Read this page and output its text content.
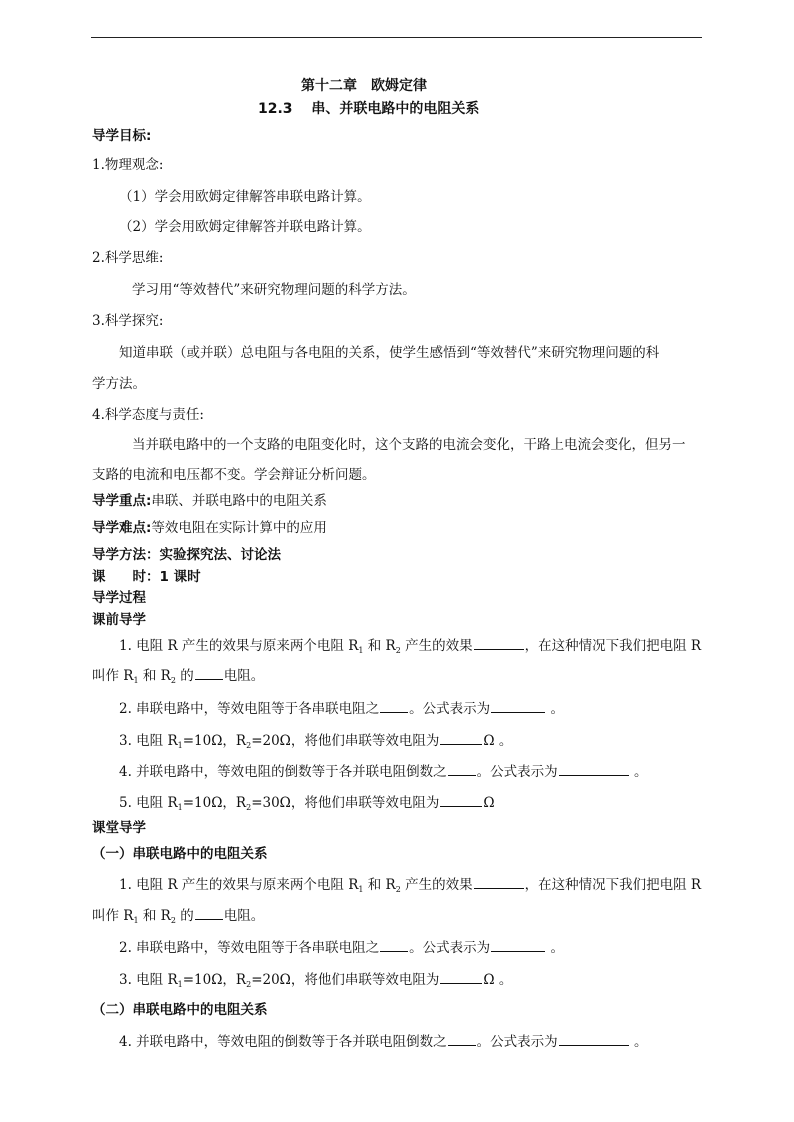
第十二章　欧姆定律
12.3　 串、并联电路中的电阻关系
导学目标:
1.物理观念:
（1）学会用欧姆定律解答串联电路计算。
（2）学会用欧姆定律解答并联电路计算。
2.科学思维:
学习用“等效替代”来研究物理问题的科学方法。
3.科学探究:
知道串联（或并联）总电阻与各电阻的关系，使学生感悟到“等效替代”来研究物理问题的科
学方法。
4.科学态度与责任:
当并联电路中的一个支路的电阻变化时，这个支路的电流会变化，干路上电流会变化，但另一
支路的电流和电压都不变。学会辩证分析问题。
导学重点:串联、并联电路中的电阻关系
导学难点:等效电阻在实际计算中的应用
导学方法：实验探究法、讨论法
课　　时：1 课时
导学过程
课前导学
1. 电阻 R 产生的效果与原来两个电阻 $R_1$ 和 $R_2$ 产生的效果	，在这种情况下我们把电阻 R
叫作 $R_1$ 和 $R_2$ 的 电阻。
2. 串联电路中，等效电阻等于各串联电阻之 。公式表示为	。
3. 电阻 $R_1=10\Omega$，$R_2=20\Omega$，将他们串联等效电阻为	Ω 。
4. 并联电路中，等效电阻的倒数等于各并联电阻倒数之 。公式表示为	。
5. 电阻 $R_1=10\Omega$，$R_2=30\Omega$，将他们串联等效电阻为	Ω
课堂导学
（一）串联电路中的电阻关系
1. 电阻 R 产生的效果与原来两个电阻 $R_1$ 和 $R_2$ 产生的效果	，在这种情况下我们把电阻 R
叫作 $R_1$ 和 $R_2$ 的 电阻。
2. 串联电路中，等效电阻等于各串联电阻之 。公式表示为	。
3. 电阻 $R_1=10\Omega$，$R_2=20\Omega$，将他们串联等效电阻为	Ω 。
（二）串联电路中的电阻关系
4. 并联电路中，等效电阻的倒数等于各并联电阻倒数之 。公式表示为	。
